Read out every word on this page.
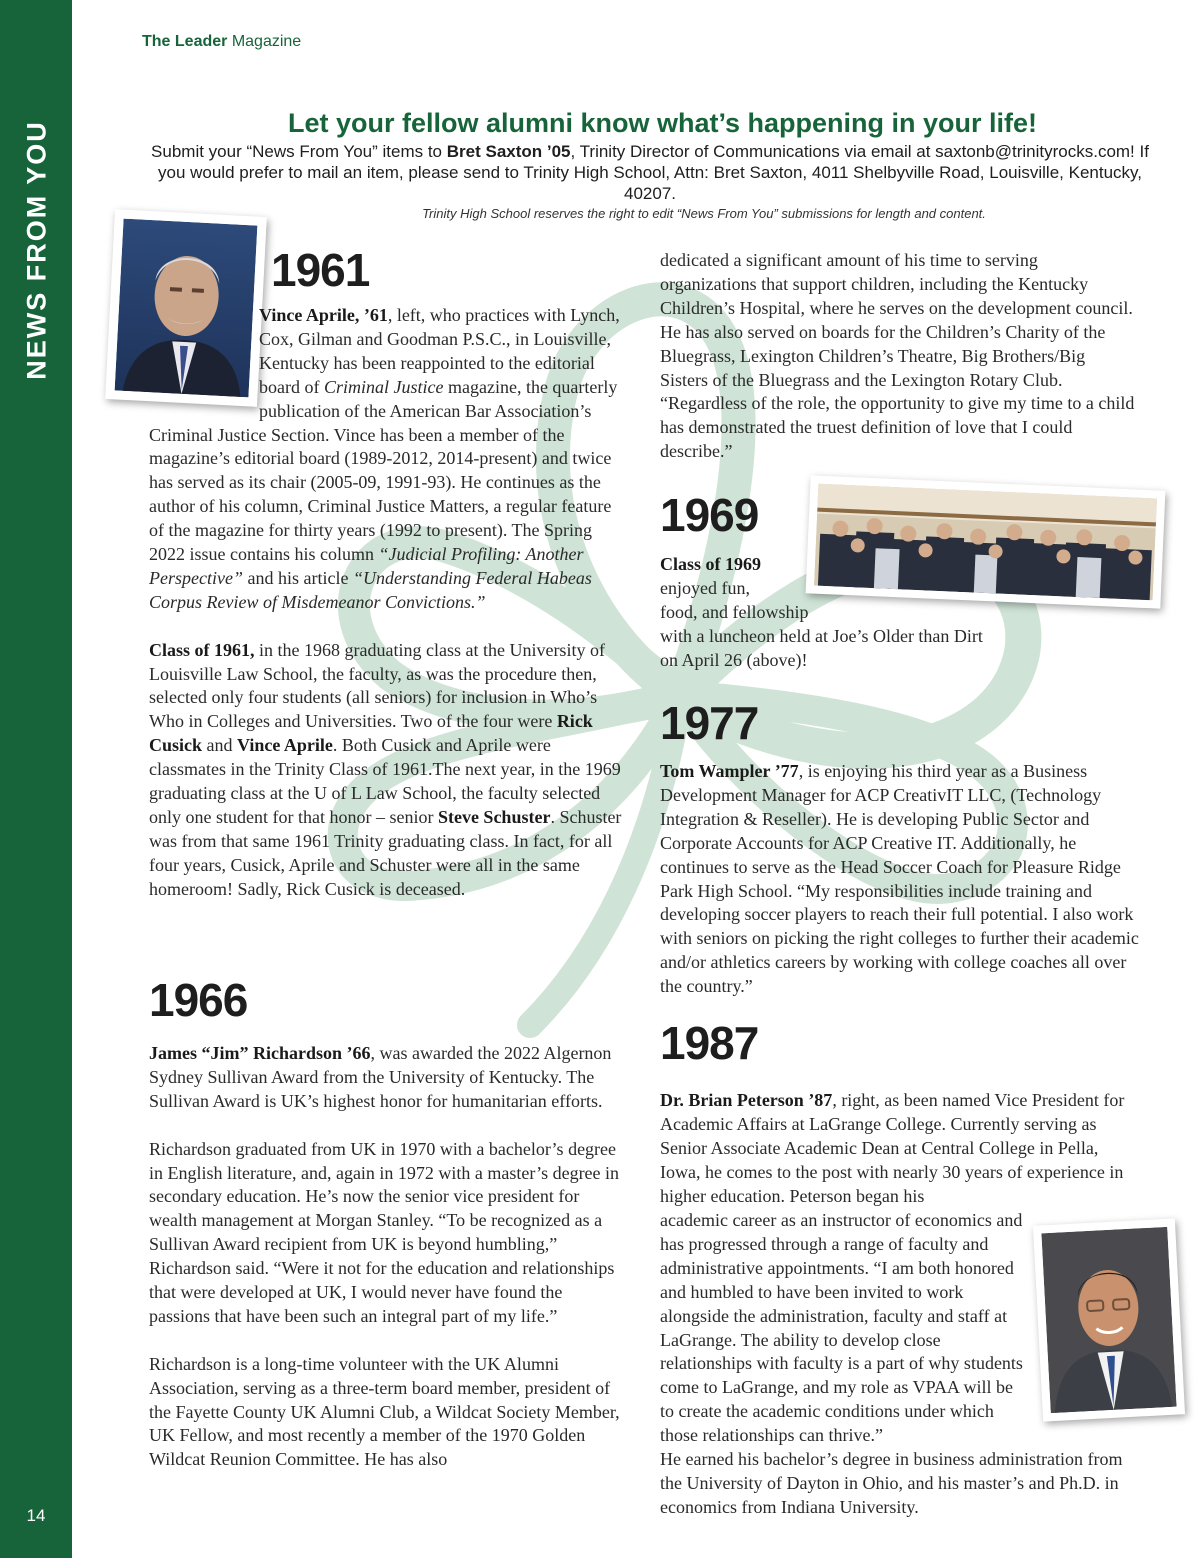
NEWS FROM YOU
14
The Leader Magazine
Let your fellow alumni know what’s happening in your life!
Submit your “News From You” items to Bret Saxton ’05, Trinity Director of Communications via email at saxtonb@trinityrocks.com! If you would prefer to mail an item, please send to Trinity High School, Attn: Bret Saxton, 4011 Shelbyville Road, Louisville, Kentucky, 40207.
Trinity High School reserves the right to edit “News From You” submissions for length and content.
1961

Vince Aprile, ’61, left, who practices with Lynch, Cox, Gilman and Goodman P.S.C., in Louisville, Kentucky has been reappointed to the editorial board of Criminal Justice magazine, the quarterly publication of the American Bar Association’s Criminal Justice Section. Vince has been a member of the magazine’s editorial board (1989-2012, 2014-present) and twice has served as its chair (2005-09, 1991-93). He continues as the author of his column, Criminal Justice Matters, a regular feature of the magazine for thirty years (1992 to present). The Spring 2022 issue contains his column “Judicial Profiling: Another Perspective” and his article “Understanding Federal Habeas Corpus Review of Misdemeanor Convictions.”

Class of 1961, in the 1968 graduating class at the University of Louisville Law School, the faculty, as was the procedure then, selected only four students (all seniors) for inclusion in Who’s Who in Colleges and Universities. Two of the four were Rick Cusick and Vince Aprile. Both Cusick and Aprile were classmates in the Trinity Class of 1961.The next year, in the 1969 graduating class at the U of L Law School, the faculty selected only one student for that honor – senior Steve Schuster. Schuster was from that same 1961 Trinity graduating class. In fact, for all four years, Cusick, Aprile and Schuster were all in the same homeroom! Sadly, Rick Cusick is deceased.

1966

James “Jim” Richardson ’66, was awarded the 2022 Algernon Sydney Sullivan Award from the University of Kentucky. The Sullivan Award is UK’s highest honor for humanitarian efforts.

Richardson graduated from UK in 1970 with a bachelor’s degree in English literature, and, again in 1972 with a master’s degree in secondary education. He’s now the senior vice president for wealth management at Morgan Stanley. “To be recognized as a Sullivan Award recipient from UK is beyond humbling,” Richardson said. “Were it not for the education and relationships that were developed at UK, I would never have found the passions that have been such an integral part of my life.”

Richardson is a long-time volunteer with the UK Alumni Association, serving as a three-term board member, president of the Fayette County UK Alumni Club, a Wildcat Society Member, UK Fellow, and most recently a member of the 1970 Golden Wildcat Reunion Committee. He has also

dedicated a significant amount of his time to serving organizations that support children, including the Kentucky Children’s Hospital, where he serves on the development council. He has also served on boards for the Children’s Charity of the Bluegrass, Lexington Children’s Theatre, Big Brothers/Big Sisters of the Bluegrass and the Lexington Rotary Club. “Regardless of the role, the opportunity to give my time to a child has demonstrated the truest definition of love that I could describe.”
1969

Class of 1969
enjoyed fun,
food, and fellowship
with a luncheon held at Joe’s Older than Dirt
on April 26 (above)!

1977

Tom Wampler ’77, is enjoying his third year as a Business Development Manager for ACP CreativIT LLC, (Technology Integration & Reseller). He is developing Public Sector and Corporate Accounts for ACP Creative IT. Additionally, he continues to serve as the Head Soccer Coach for Pleasure Ridge Park High School. “My responsibilities include training and developing soccer players to reach their full potential. I also work with seniors on picking the right colleges to further their academic and/or athletics careers by working with college coaches all over the country.”

1987

Dr. Brian Peterson ’87, right, as been named Vice President for Academic Affairs at LaGrange College. Currently serving as Senior Associate Academic Dean at Central College in Pella, Iowa, he comes to the post with nearly 30 years of experience in higher education. Peterson began his

academic career as an instructor of economics and has progressed through a range of faculty and administrative appointments. “I am both honored and humbled to have been invited to work alongside the administration, faculty and staff at LaGrange. The ability to develop close relationships with faculty is a part of why students come to LaGrange, and my role as VPAA will be to create the academic conditions under which those relationships can thrive.”

He earned his bachelor’s degree in business administration from the University of Dayton in Ohio, and his master’s and Ph.D. in economics from Indiana University.
